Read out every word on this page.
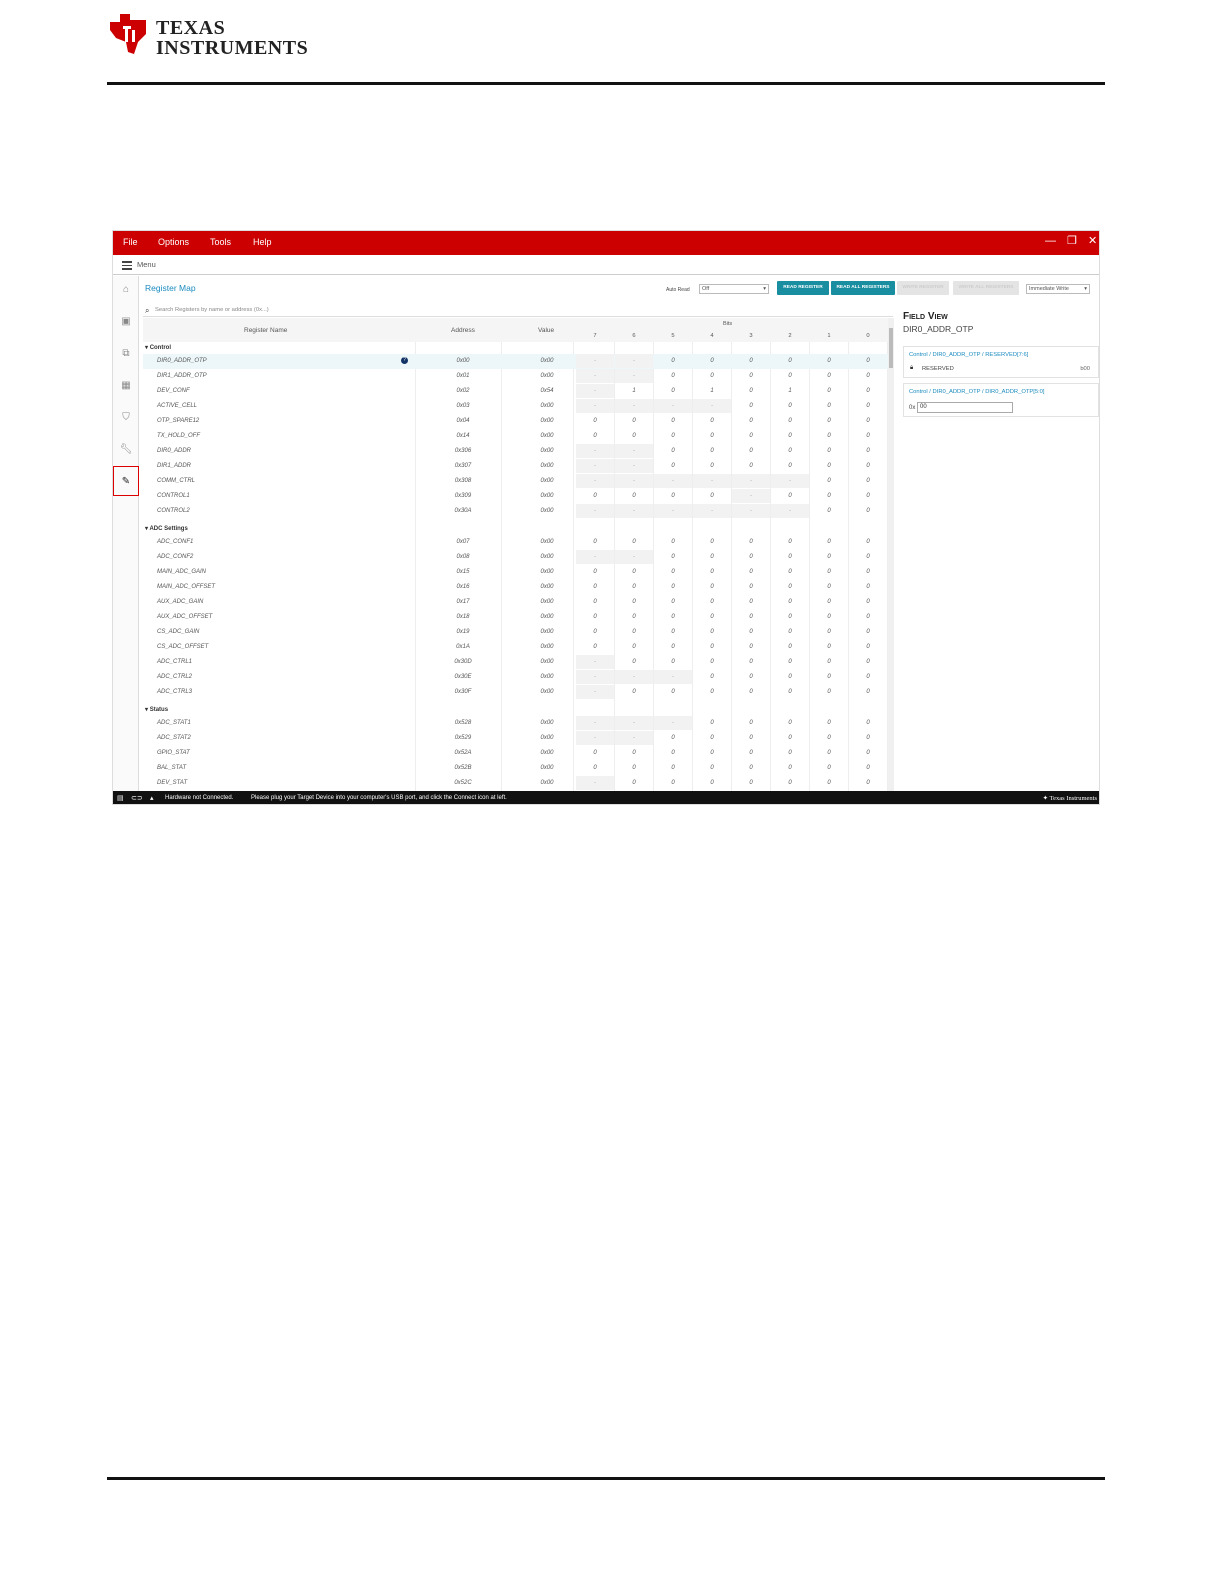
TEXAS
INSTRUMENTS
File Options Tools Help	— ❐ ✕
Menu
⌂
▣
⧉
▦
⛉
🔧︎
✎
Register Map	Auto Read	Off	▾	READ REGISTER	READ ALL REGISTERS
⌕ Search Registers by name or address (0x...)
Register Name	Address	Value
Bits
7	6	5	4	3	2	1	0
▾ Control
DIR0_ADDR_OTP	?	0x00	0x00	-	-	0	0	0	0	0	0
DIR1_ADDR_OTP	0x01	0x00	-	-	0	0	0	0	0	0
DEV_CONF	0x02	0x54	-	1	0	1	0	1	0	0
ACTIVE_CELL	0x03	0x00	-	-	-	-	0	0	0	0
OTP_SPARE12	0x04	0x00	0	0	0	0	0	0	0	0
TX_HOLD_OFF	0x14	0x00	0	0	0	0	0	0	0	0
DIR0_ADDR	0x306	0x00	-	-	0	0	0	0	0	0
DIR1_ADDR	0x307	0x00	-	-	0	0	0	0	0	0
COMM_CTRL	0x308	0x00	-	-	-	-	-	-	0	0
CONTROL1	0x309	0x00	0	0	0	0	-	0	0	0
CONTROL2	0x30A	0x00	-	-	-	-	-	-	0	0
▾ ADC Settings
ADC_CONF1	0x07	0x00	0	0	0	0	0	0	0	0
ADC_CONF2	0x08	0x00	-	-	0	0	0	0	0	0
MAIN_ADC_GAIN	0x15	0x00	0	0	0	0	0	0	0	0
MAIN_ADC_OFFSET	0x16	0x00	0	0	0	0	0	0	0	0
AUX_ADC_GAIN	0x17	0x00	0	0	0	0	0	0	0	0
AUX_ADC_OFFSET	0x18	0x00	0	0	0	0	0	0	0	0
CS_ADC_GAIN	0x19	0x00	0	0	0	0	0	0	0	0
CS_ADC_OFFSET	0x1A	0x00	0	0	0	0	0	0	0	0
ADC_CTRL1	0x30D	0x00	-	0	0	0	0	0	0	0
ADC_CTRL2	0x30E	0x00	-	-	-	0	0	0	0	0
ADC_CTRL3	0x30F	0x00	-	0	0	0	0	0	0	0
▾ Status
ADC_STAT1	0x528	0x00	-	-	-	0	0	0	0	0
ADC_STAT2	0x529	0x00	-	-	0	0	0	0	0	0
GPIO_STAT	0x52A	0x00	0	0	0	0	0	0	0	0
BAL_STAT	0x52B	0x00	0	0	0	0	0	0	0	0
DEV_STAT	0x52C	0x00	-	0	0	0	0	0	0	0
WRITE REGISTER	WRITE ALL REGISTERS	Immediate Write	▾
Field View
DIR0_ADDR_OTP
Control / DIR0_ADDR_OTP / RESERVED[7:6]
🔒︎ RESERVED	b00
Control / DIR0_ADDR_OTP / DIR0_ADDR_OTP[5:0]
0x 00
▤ ⊂⊃ ▴ Hardware not Connected.	Please plug your Target Device into your computer's USB port, and click the Connect icon at left.	✦ Texas Instruments
